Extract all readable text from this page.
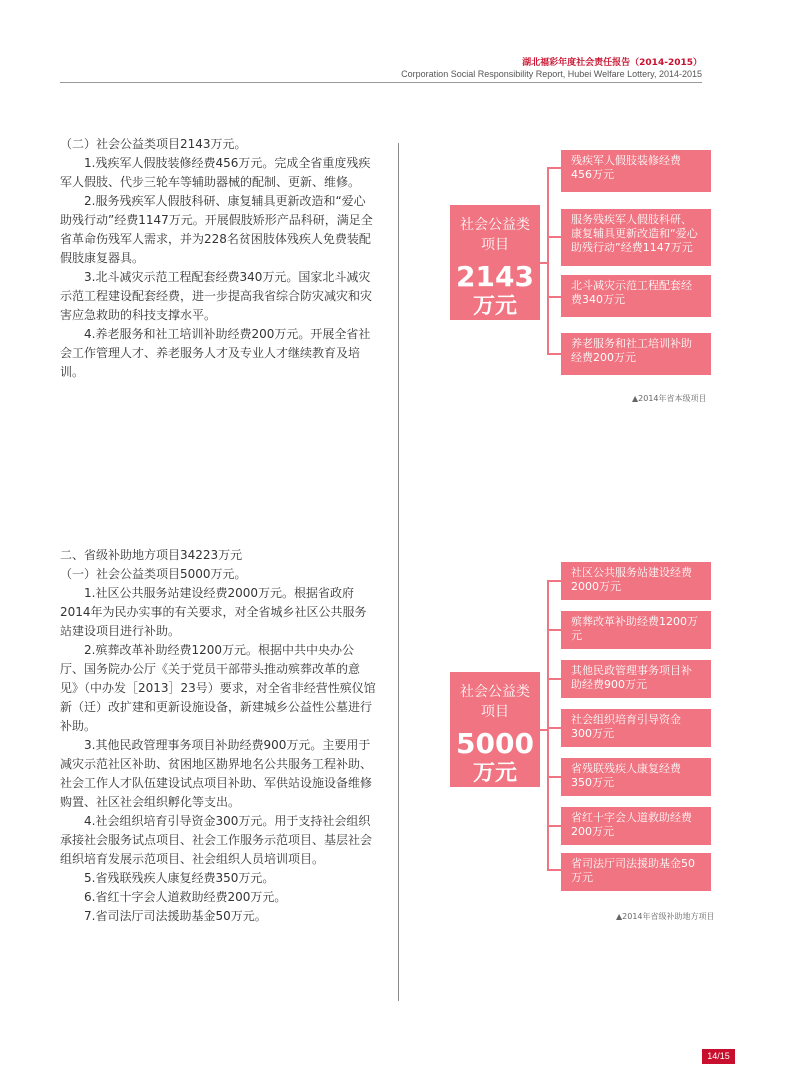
湖北福彩年度社会责任报告（2014-2015）
Corporation Social Responsibility Report, Hubei Welfare Lottery, 2014-2015

（二）社会公益类项目2143万元。

1.残疾军人假肢装修经费456万元。完成全省重度残疾军人假肢、代步三轮车等辅助器械的配制、更新、维修。

2.服务残疾军人假肢科研、康复辅具更新改造和“爱心助残行动”经费1147万元。开展假肢矫形产品科研，满足全省革命伤残军人需求，并为228名贫困肢体残疾人免费装配假肢康复器具。

3.北斗减灾示范工程配套经费340万元。国家北斗减灾示范工程建设配套经费，进一步提高我省综合防灾减灾和灾害应急救助的科技支撑水平。

4.养老服务和社工培训补助经费200万元。开展全省社会工作管理人才、养老服务人才及专业人才继续教育及培训。

二、省级补助地方项目34223万元

（一）社会公益类项目5000万元。

1.社区公共服务站建设经费2000万元。根据省政府2014年为民办实事的有关要求，对全省城乡社区公共服务站建设项目进行补助。

2.殡葬改革补助经费1200万元。根据中共中央办公厅、国务院办公厅《关于党员干部带头推动殡葬改革的意见》（中办发［2013］23号）要求，对全省非经营性殡仪馆新（迁）改扩建和更新设施设备，新建城乡公益性公墓进行补助。

3.其他民政管理事务项目补助经费900万元。主要用于减灾示范社区补助、贫困地区勘界地名公共服务工程补助、社会工作人才队伍建设试点项目补助、军供站设施设备维修购置、社区社会组织孵化等支出。

4.社会组织培育引导资金300万元。用于支持社会组织承接社会服务试点项目、社会工作服务示范项目、基层社会组织培育发展示范项目、社会组织人员培训项目。

5.省残联残疾人康复经费350万元。

6.省红十字会人道救助经费200万元。

7.省司法厅司法援助基金50万元。

社会公益类
项目
2143
万元
残疾军人假肢装修经费456万元
服务残疾军人假肢科研、康复辅具更新改造和“爱心助残行动”经费1147万元
北斗减灾示范工程配套经费340万元
养老服务和社工培训补助经费200万元
▲2014年省本级项目
社会公益类
项目
5000
万元
社区公共服务站建设经费2000万元
殡葬改革补助经费1200万元
其他民政管理事务项目补助经费900万元
社会组织培育引导资金300万元
省残联残疾人康复经费350万元
省红十字会人道救助经费200万元
省司法厅司法援助基金50万元
▲2014年省级补助地方项目
14/15
